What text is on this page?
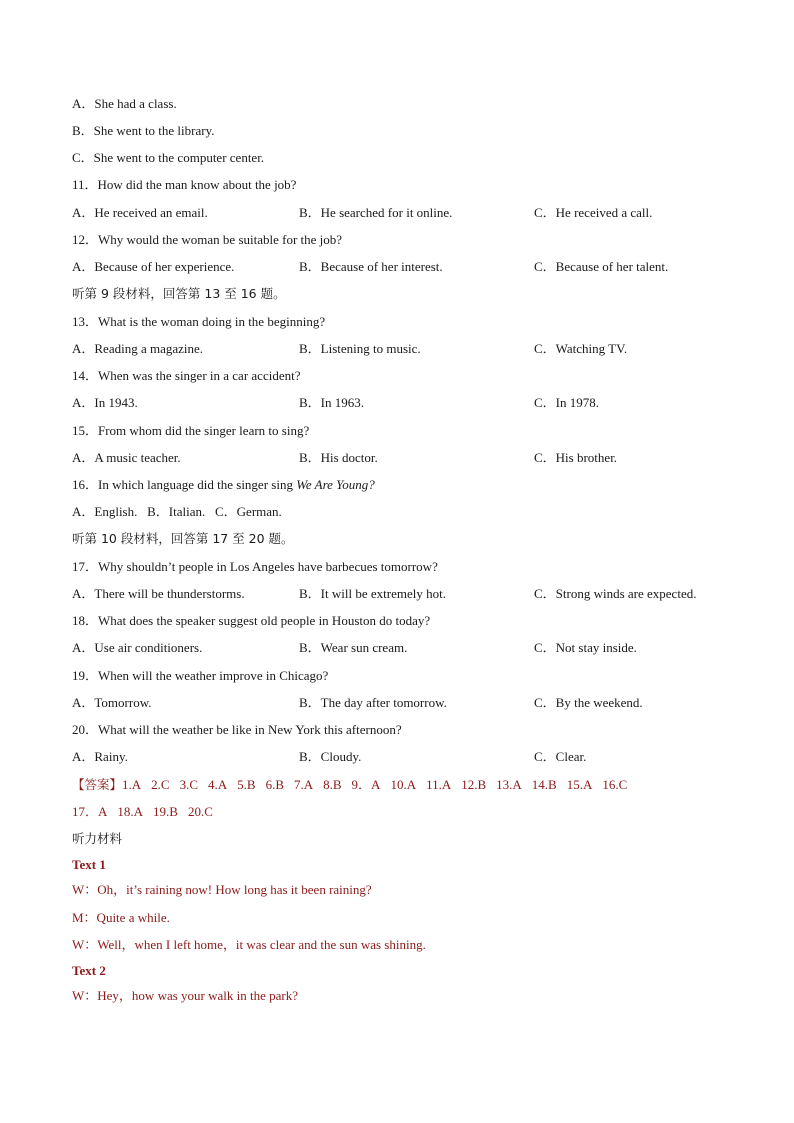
A．She had a class.
B．She went to the library.
C．She went to the computer center.
11．How did the man know about the job?
A．He received an email.	B．He searched for it online.	C．He received a call.
12．Why would the woman be suitable for the job?
A．Because of her experience.	B．Because of her interest.	C．Because of her talent.
听第 9 段材料，回答第 13 至 16 题。
13．What is the woman doing in the beginning?
A．Reading a magazine.	B．Listening to music.	C．Watching TV.
14．When was the singer in a car accident?
A．In 1943.	B．In 1963.	C．In 1978.
15．From whom did the singer learn to sing?
A．A music teacher.	B．His doctor.	C．His brother.
16．In which language did the singer sing We Are Young?
A．English.   B．Italian.   C．German.
听第 10 段材料，回答第 17 至 20 题。
17．Why shouldn’t people in Los Angeles have barbecues tomorrow?
A．There will be thunderstorms.	B．It will be extremely hot.	C．Strong winds are expected.
18．What does the speaker suggest old people in Houston do today?
A．Use air conditioners.	B．Wear sun cream.	C．Not stay inside.
19．When will the weather improve in Chicago?
A．Tomorrow.	B．The day after tomorrow.	C．By the weekend.
20．What will the weather be like in New York this afternoon?
A．Rainy.	B．Cloudy.	C．Clear.
【答案】1.A 2.C 3.C 4.A 5.B 6.B 7.A 8.B 9．A 10.A 11.A 12.B 13.A 14.B 15.A 16.C
17．A 18.A 19.B 20.C
听力材料
Text 1
W：Oh，it’s raining now! How long has it been raining?
M：Quite a while.
W：Well，when I left home，it was clear and the sun was shining.
Text 2
W：Hey，how was your walk in the park?
